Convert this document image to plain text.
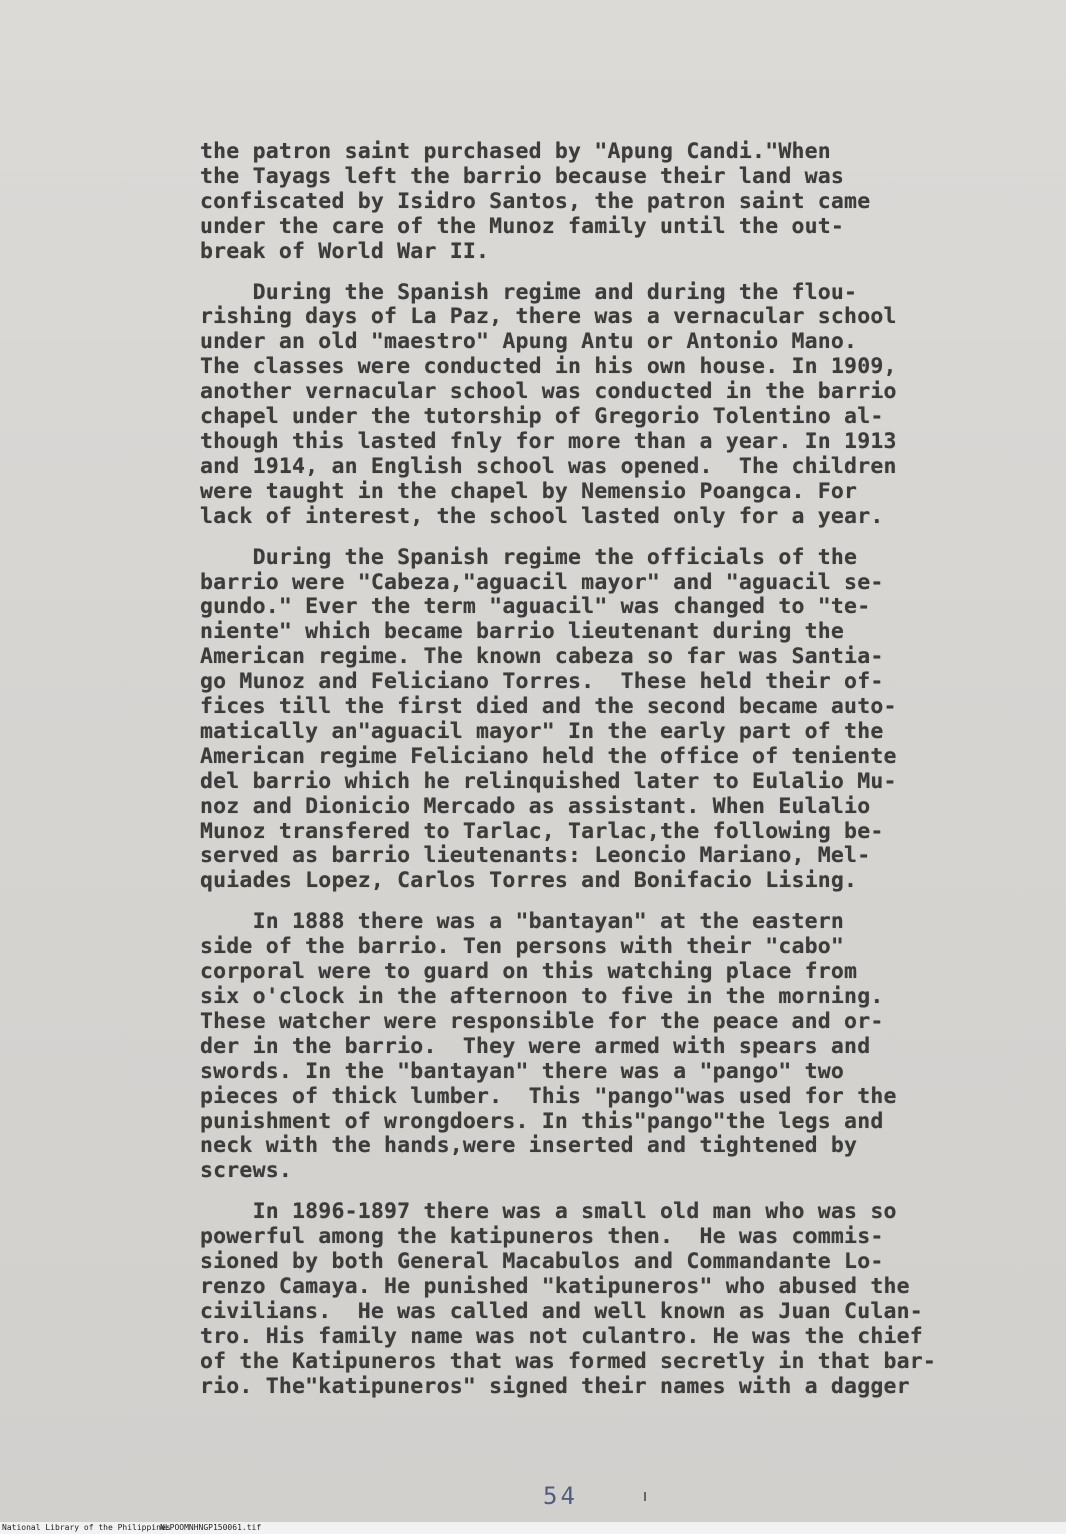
the patron saint purchased by "Apung Candi."When
the Tayags left the barrio because their land was
confiscated by Isidro Santos, the patron saint came
under the care of the Munoz family until the out-
break of World War II.
During the Spanish regime and during the flou-
rishing days of La Paz, there was a vernacular school
under an old "maestro" Apung Antu or Antonio Mano.
The classes were conducted in his own house. In 1909,
another vernacular school was conducted in the barrio
chapel under the tutorship of Gregorio Tolentino al-
though this lasted fnly for more than a year. In 1913
and 1914, an English school was opened.  The children
were taught in the chapel by Nemensio Poangca. For
lack of interest, the school lasted only for a year.
During the Spanish regime the officials of the
barrio were "Cabeza,"aguacil mayor" and "aguacil se-
gundo." Ever the term "aguacil" was changed to "te-
niente" which became barrio lieutenant during the
American regime. The known cabeza so far was Santia-
go Munoz and Feliciano Torres.  These held their of-
fices till the first died and the second became auto-
matically an"aguacil mayor" In the early part of the
American regime Feliciano held the office of teniente
del barrio which he relinquished later to Eulalio Mu-
noz and Dionicio Mercado as assistant. When Eulalio
Munoz transfered to Tarlac, Tarlac,the following be-
served as barrio lieutenants: Leoncio Mariano, Mel-
quiades Lopez, Carlos Torres and Bonifacio Lising.
In 1888 there was a "bantayan" at the eastern
side of the barrio. Ten persons with their "cabo"
corporal were to guard on this watching place from
six o'clock in the afternoon to five in the morning.
These watcher were responsible for the peace and or-
der in the barrio.  They were armed with spears and
swords. In the "bantayan" there was a "pango" two
pieces of thick lumber.  This "pango"was used for the
punishment of wrongdoers. In this"pango"the legs and
neck with the hands,were inserted and tightened by
screws.
In 1896-1897 there was a small old man who was so
powerful among the katipuneros then.  He was commis-
sioned by both General Macabulos and Commandante Lo-
renzo Camaya. He punished "katipuneros" who abused the
civilians.  He was called and well known as Juan Culan-
tro. His family name was not culantro. He was the chief
of the Katipuneros that was formed secretly in that bar-
rio. The"katipuneros" signed their names with a dagger
54
National Library of the Philippines
NLPOOMNHNGP150061.tif
